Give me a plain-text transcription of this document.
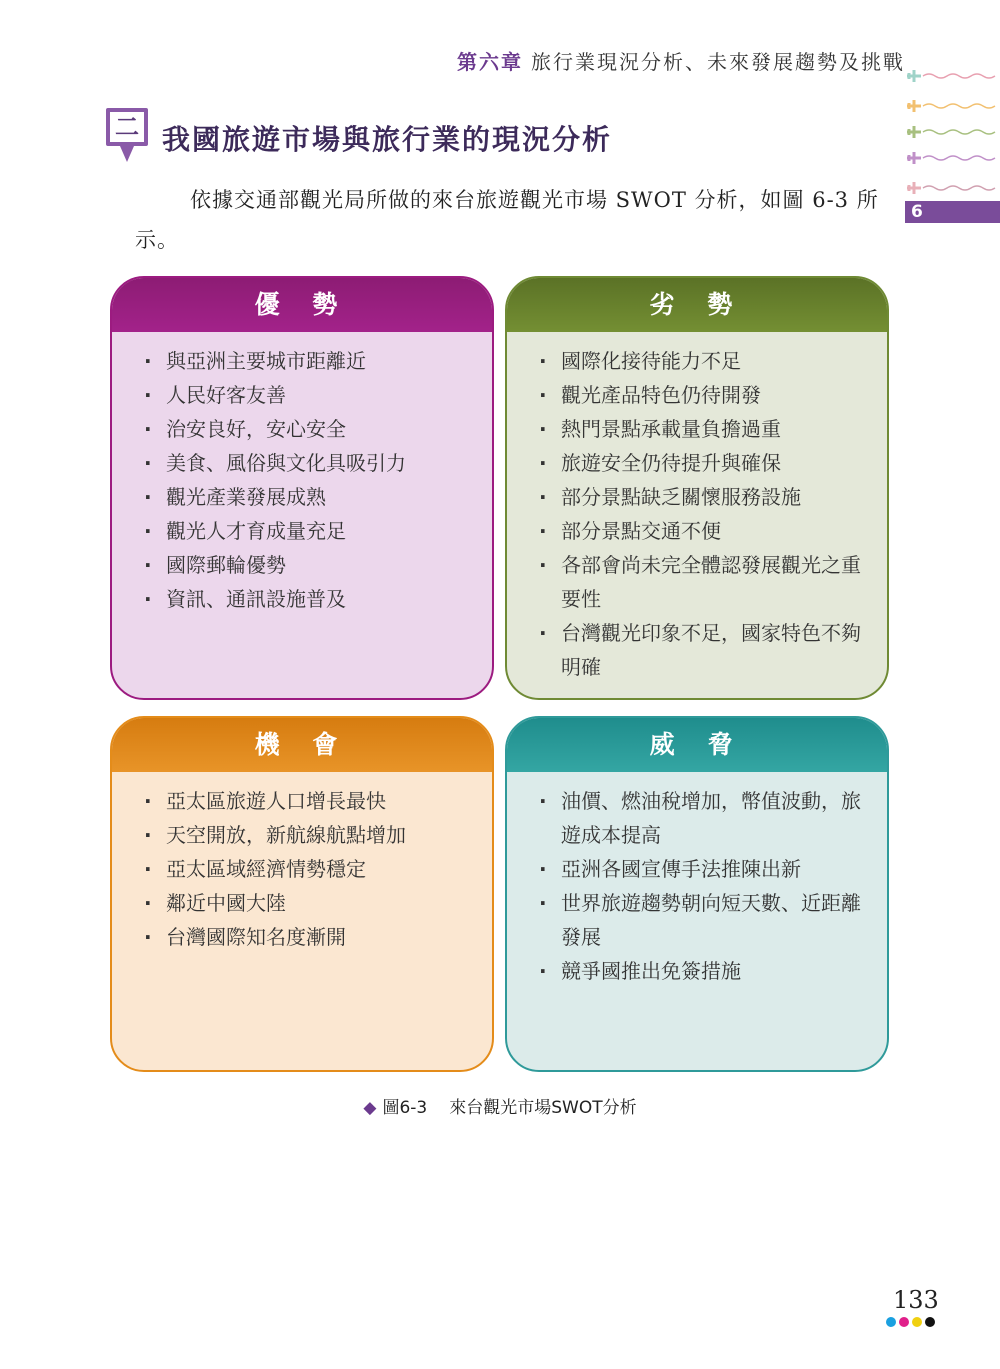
第六章 旅行業現況分析、未來發展趨勢及挑戰
6
二 我國旅遊市場與旅行業的現況分析
依據交通部觀光局所做的來台旅遊觀光市場 SWOT 分析，如圖 6-3 所示。
優 勢
· 與亞洲主要城市距離近
· 人民好客友善
· 治安良好，安心安全
· 美食、風俗與文化具吸引力
· 觀光產業發展成熟
· 觀光人才育成量充足
· 國際郵輪優勢
· 資訊、通訊設施普及
劣 勢
· 國際化接待能力不足
· 觀光產品特色仍待開發
· 熱門景點承載量負擔過重
· 旅遊安全仍待提升與確保
· 部分景點缺乏關懷服務設施
· 部分景點交通不便
· 各部會尚未完全體認發展觀光之重要性
· 台灣觀光印象不足，國家特色不夠明確
機 會
· 亞太區旅遊人口增長最快
· 天空開放，新航線航點增加
· 亞太區域經濟情勢穩定
· 鄰近中國大陸
· 台灣國際知名度漸開
威 脅
· 油價、燃油稅增加，幣值波動，旅遊成本提高
· 亞洲各國宣傳手法推陳出新
· 世界旅遊趨勢朝向短天數、近距離發展
· 競爭國推出免簽措施
◆ 圖6-3 來台觀光市場SWOT分析
133
